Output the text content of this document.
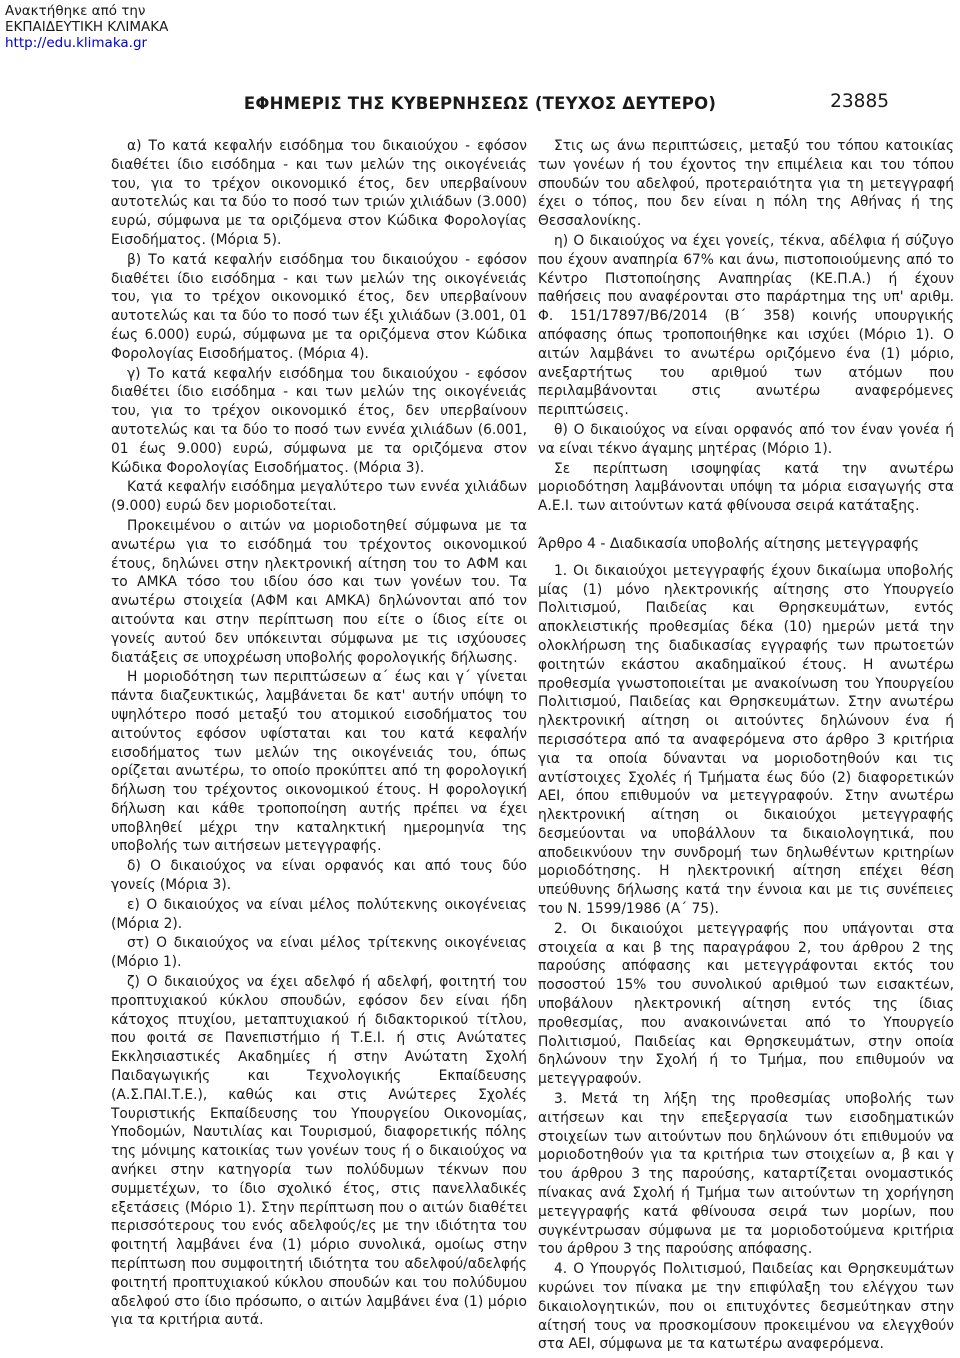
Ανακτήθηκε από την
ΕΚΠΑΙΔΕΥΤΙΚΗ ΚΛΙΜΑΚΑ
http://edu.klimaka.gr
ΕΦΗΜΕΡΙΣ ΤΗΣ ΚΥΒΕΡΝΗΣΕΩΣ (ΤΕΥΧΟΣ ΔΕΥΤΕΡΟ)	23885

α) Το κατά κεφαλήν εισόδημα του δικαιούχου - εφόσον διαθέτει ίδιο εισόδημα - και των μελών της οικογένειάς του, για το τρέχον οικονομικό έτος, δεν υπερβαίνουν αυτοτελώς και τα δύο το ποσό των τριών χιλιάδων (3.000) ευρώ, σύμφωνα με τα οριζόμενα στον Κώδικα Φορολογίας Εισοδήματος. (Μόρια 5).

β) Το κατά κεφαλήν εισόδημα του δικαιούχου - εφόσον διαθέτει ίδιο εισόδημα - και των μελών της οικογένειάς του, για το τρέχον οικονομικό έτος, δεν υπερβαίνουν αυτοτελώς και τα δύο το ποσό των έξι χιλιάδων (3.001, 01 έως 6.000) ευρώ, σύμφωνα με τα οριζόμενα στον Κώδικα Φορολογίας Εισοδήματος. (Μόρια 4).

γ) Το κατά κεφαλήν εισόδημα του δικαιούχου - εφόσον διαθέτει ίδιο εισόδημα - και των μελών της οικογένειάς του, για το τρέχον οικονομικό έτος, δεν υπερβαίνουν αυτοτελώς και τα δύο το ποσό των εννέα χιλιάδων (6.001, 01 έως 9.000) ευρώ, σύμφωνα με τα οριζόμενα στον Κώδικα Φορολογίας Εισοδήματος. (Μόρια 3).

Κατά κεφαλήν εισόδημα μεγαλύτερο των εννέα χιλιάδων (9.000) ευρώ δεν μοριοδοτείται.

Προκειμένου ο αιτών να μοριοδοτηθεί σύμφωνα με τα ανωτέρω για το εισόδημά του τρέχοντος οικονομικού έτους, δηλώνει στην ηλεκτρονική αίτηση του το ΑΦΜ και το ΑΜΚΑ τόσο του ιδίου όσο και των γονέων του. Τα ανωτέρω στοιχεία (ΑΦΜ και ΑΜΚΑ) δηλώνονται από τον αιτούντα και στην περίπτωση που είτε ο ίδιος είτε οι γονείς αυτού δεν υπόκεινται σύμφωνα με τις ισχύουσες διατάξεις σε υποχρέωση υποβολής φορολογικής δήλωσης.

Η μοριοδότηση των περιπτώσεων α΄ έως και γ΄ γίνεται πάντα διαζευκτικώς, λαμβάνεται δε κατ' αυτήν υπόψη το υψηλότερο ποσό μεταξύ του ατομικού εισοδήματος του αιτούντος εφόσον υφίσταται και του κατά κεφαλήν εισοδήματος των μελών της οικογένειάς του, όπως ορίζεται ανωτέρω, το οποίο προκύπτει από τη φορολογική δήλωση του τρέχοντος οικονομικού έτους. Η φορολογική δήλωση και κάθε τροποποίηση αυτής πρέπει να έχει υποβληθεί μέχρι την καταληκτική ημερομηνία της υποβολής των αιτήσεων μετεγγραφής.

δ) Ο δικαιούχος να είναι ορφανός και από τους δύο γονείς (Μόρια 3).

ε) Ο δικαιούχος να είναι μέλος πολύτεκνης οικογένειας (Μόρια 2).

στ) Ο δικαιούχος να είναι μέλος τρίτεκνης οικογένειας (Μόριο 1).

ζ) Ο δικαιούχος να έχει αδελφό ή αδελφή, φοιτητή του προπτυχιακού κύκλου σπουδών, εφόσον δεν είναι ήδη κάτοχος πτυχίου, μεταπτυχιακού ή διδακτορικού τίτλου, που φοιτά σε Πανεπιστήμιο ή Τ.Ε.Ι. ή στις Ανώτατες Εκκλησιαστικές Ακαδημίες ή στην Ανώτατη Σχολή Παιδαγωγικής και Τεχνολογικής Εκπαίδευσης (Α.Σ.ΠΑΙ.Τ.Ε.), καθώς και στις Ανώτερες Σχολές Τουριστικής Εκπαίδευσης του Υπουργείου Οικονομίας, Υποδομών, Ναυτιλίας και Τουρισμού, διαφορετικής πόλης της μόνιμης κατοικίας των γονέων τους ή ο δικαιούχος να ανήκει στην κατηγορία των πολύδυμων τέκνων που συμμετέχων, το ίδιο σχολικό έτος, στις πανελλαδικές εξετάσεις (Μόριο 1). Στην περίπτωση που ο αιτών διαθέτει περισσότερους του ενός αδελφούς/ες με την ιδιότητα του φοιτητή λαμβάνει ένα (1) μόριο συνολικά, ομοίως στην περίπτωση που συμφοιτητή ιδιότητα του αδελφού/αδελφής φοιτητή προπτυχιακού κύκλου σπουδών και του πολύδυμου αδελφού στο ίδιο πρόσωπο, ο αιτών λαμβάνει ένα (1) μόριο για τα κριτήρια αυτά.

Στις ως άνω περιπτώσεις, μεταξύ του τόπου κατοικίας των γονέων ή του έχοντος την επιμέλεια και του τόπου σπουδών του αδελφού, προτεραιότητα για τη μετεγγραφή έχει ο τόπος, που δεν είναι η πόλη της Αθήνας ή της Θεσσαλονίκης.

η) Ο δικαιούχος να έχει γονείς, τέκνα, αδέλφια ή σύζυγο που έχουν αναπηρία 67% και άνω, πιστοποιούμενης από το Κέντρο Πιστοποίησης Αναπηρίας (ΚΕ.Π.Α.) ή έχουν παθήσεις που αναφέρονται στο παράρτημα της υπ' αριθμ. Φ. 151/17897/Β6/2014 (Β΄ 358) κοινής υπουργικής απόφασης όπως τροποποιήθηκε και ισχύει (Μόριο 1). Ο αιτών λαμβάνει το ανωτέρω οριζόμενο ένα (1) μόριο, ανεξαρτήτως του αριθμού των ατόμων που περιλαμβάνονται στις ανωτέρω αναφερόμενες περιπτώσεις.

θ) Ο δικαιούχος να είναι ορφανός από τον έναν γονέα ή να είναι τέκνο άγαμης μητέρας (Μόριο 1).

Σε περίπτωση ισοψηφίας κατά την ανωτέρω μοριοδότηση λαμβάνονται υπόψη τα μόρια εισαγωγής στα Α.Ε.Ι. των αιτούντων κατά φθίνουσα σειρά κατάταξης.

Άρθρο 4 - Διαδικασία υποβολής αίτησης μετεγγραφής

1. Οι δικαιούχοι μετεγγραφής έχουν δικαίωμα υποβολής μίας (1) μόνο ηλεκτρονικής αίτησης στο Υπουργείο Πολιτισμού, Παιδείας και Θρησκευμάτων, εντός αποκλειστικής προθεσμίας δέκα (10) ημερών μετά την ολοκλήρωση της διαδικασίας εγγραφής των πρωτοετών φοιτητών εκάστου ακαδημαϊκού έτους. Η ανωτέρω προθεσμία γνωστοποιείται με ανακοίνωση του Υπουργείου Πολιτισμού, Παιδείας και Θρησκευμάτων. Στην ανωτέρω ηλεκτρονική αίτηση οι αιτούντες δηλώνουν ένα ή περισσότερα από τα αναφερόμενα στο άρθρο 3 κριτήρια για τα οποία δύνανται να μοριοδοτηθούν και τις αντίστοιχες Σχολές ή Τμήματα έως δύο (2) διαφορετικών ΑΕΙ, όπου επιθυμούν να μετεγγραφούν. Στην ανωτέρω ηλεκτρονική αίτηση οι δικαιούχοι μετεγγραφής δεσμεύονται να υποβάλλουν τα δικαιολογητικά, που αποδεικνύουν την συνδρομή των δηλωθέντων κριτηρίων μοριοδότησης. Η ηλεκτρονική αίτηση επέχει θέση υπεύθυνης δήλωσης κατά την έννοια και με τις συνέπειες του Ν. 1599/1986 (Α΄ 75).

2. Οι δικαιούχοι μετεγγραφής που υπάγονται στα στοιχεία α και β της παραγράφου 2, του άρθρου 2 της παρούσης απόφασης και μετεγγράφονται εκτός του ποσοστού 15% του συνολικού αριθμού των εισακτέων, υποβάλουν ηλεκτρονική αίτηση εντός της ίδιας προθεσμίας, που ανακοινώνεται από το Υπουργείο Πολιτισμού, Παιδείας και Θρησκευμάτων, στην οποία δηλώνουν την Σχολή ή το Τμήμα, που επιθυμούν να μετεγγραφούν.

3. Μετά τη λήξη της προθεσμίας υποβολής των αιτήσεων και την επεξεργασία των εισοδηματικών στοιχείων των αιτούντων που δηλώνουν ότι επιθυμούν να μοριοδοτηθούν για τα κριτήρια των στοιχείων α, β και γ του άρθρου 3 της παρούσης, καταρτίζεται ονομαστικός πίνακας ανά Σχολή ή Τμήμα των αιτούντων τη χορήγηση μετεγγραφής κατά φθίνουσα σειρά των μορίων, που συγκέντρωσαν σύμφωνα με τα μοριοδοτούμενα κριτήρια του άρθρου 3 της παρούσης απόφασης.

4. Ο Υπουργός Πολιτισμού, Παιδείας και Θρησκευμάτων κυρώνει τον πίνακα με την επιφύλαξη του ελέγχου των δικαιολογητικών, που οι επιτυχόντες δεσμεύτηκαν στην αίτησή τους να προσκομίσουν προκειμένου να ελεγχθούν στα ΑΕΙ, σύμφωνα με τα κατωτέρω αναφερόμενα.
